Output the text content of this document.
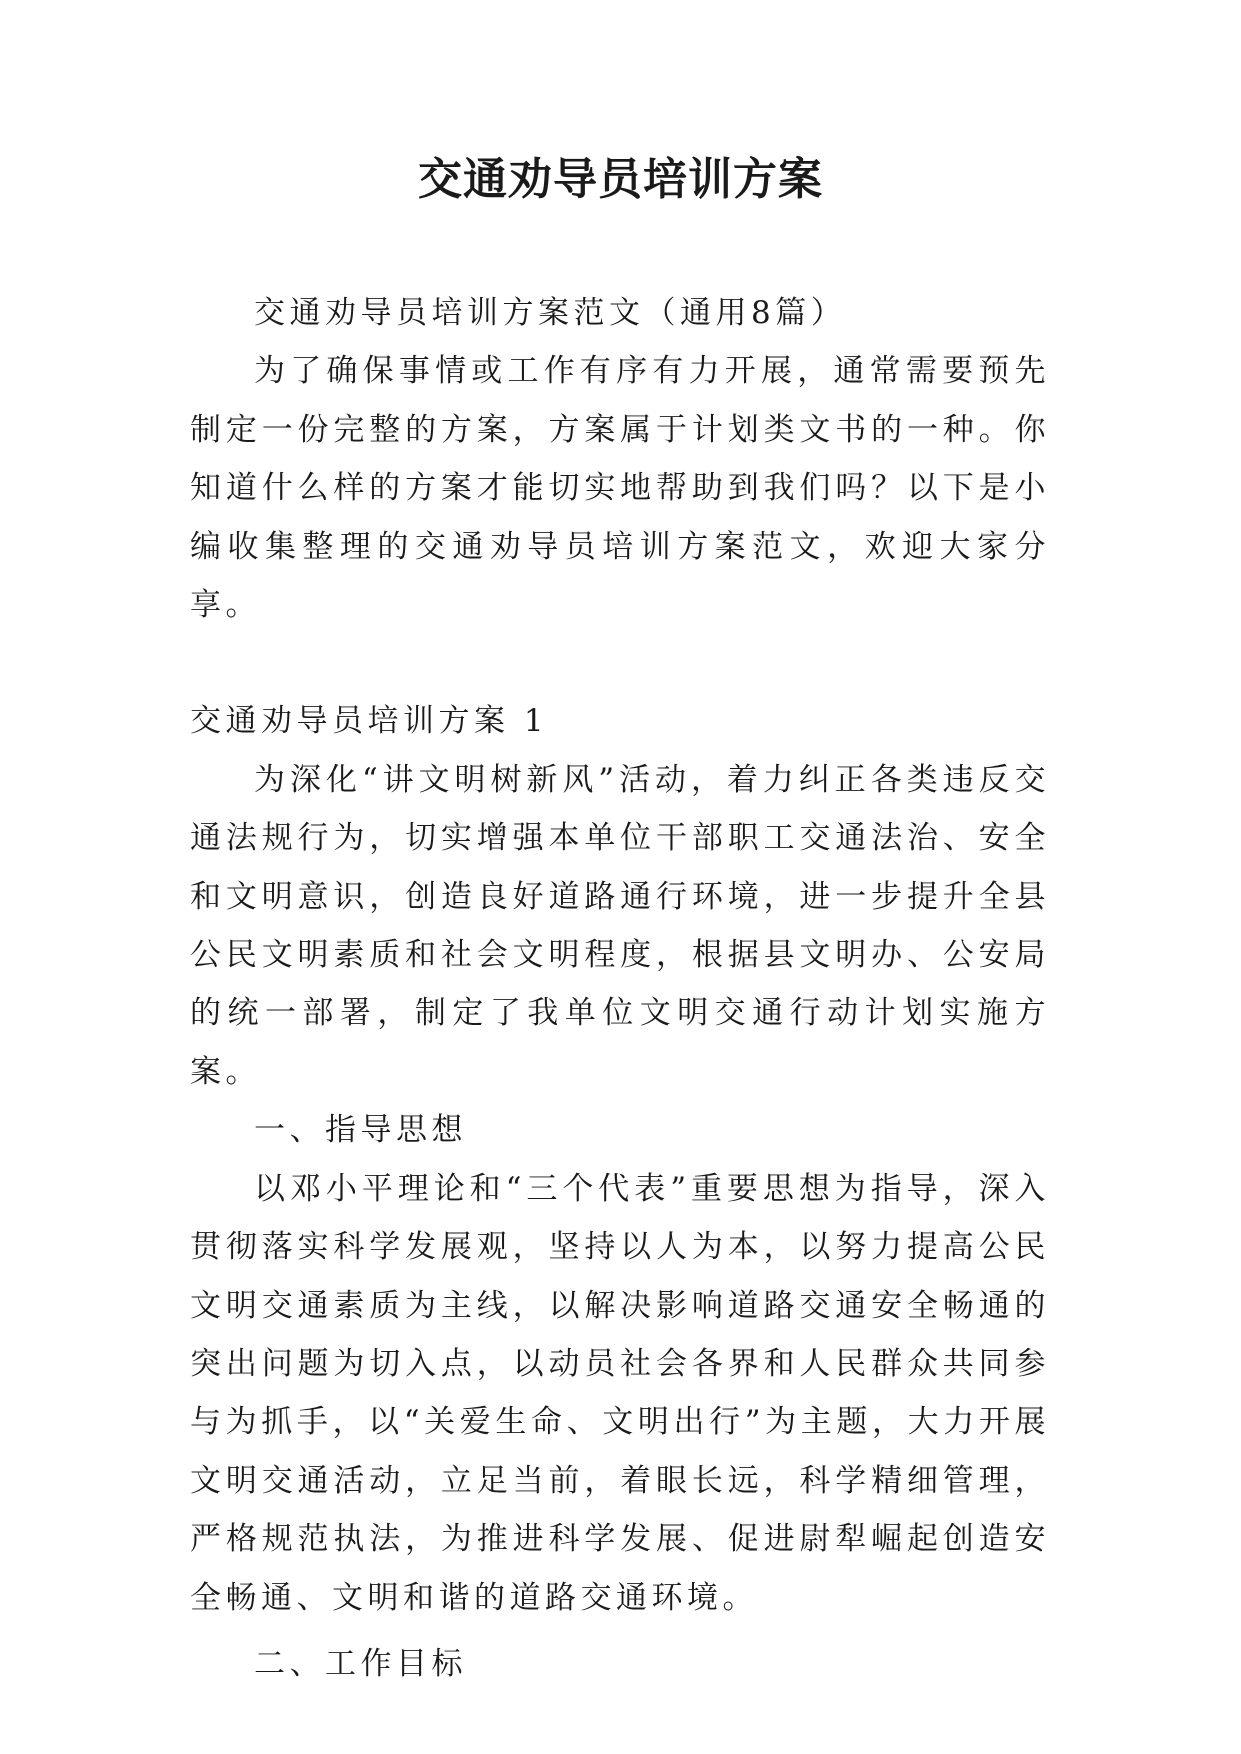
交通劝导员培训方案

交通劝导员培训方案范文（通用8篇）

为了确保事情或工作有序有力开展，通常需要预先制定一份完整的方案，方案属于计划类文书的一种。你知道什么样的方案才能切实地帮助到我们吗？以下是小编收集整理的交通劝导员培训方案范文，欢迎大家分享。

交通劝导员培训方案 1

为深化“讲文明树新风”活动，着力纠正各类违反交通法规行为，切实增强本单位干部职工交通法治、安全和文明意识，创造良好道路通行环境，进一步提升全县公民文明素质和社会文明程度，根据县文明办、公安局的统一部署，制定了我单位文明交通行动计划实施方案。

一、指导思想

以邓小平理论和“三个代表”重要思想为指导，深入贯彻落实科学发展观，坚持以人为本，以努力提高公民文明交通素质为主线，以解决影响道路交通安全畅通的突出问题为切入点，以动员社会各界和人民群众共同参与为抓手，以“关爱生命、文明出行”为主题，大力开展文明交通活动，立足当前，着眼长远，科学精细管理，严格规范执法，为推进科学发展、促进尉犁崛起创造安全畅通、文明和谐的道路交通环境。

二、工作目标
